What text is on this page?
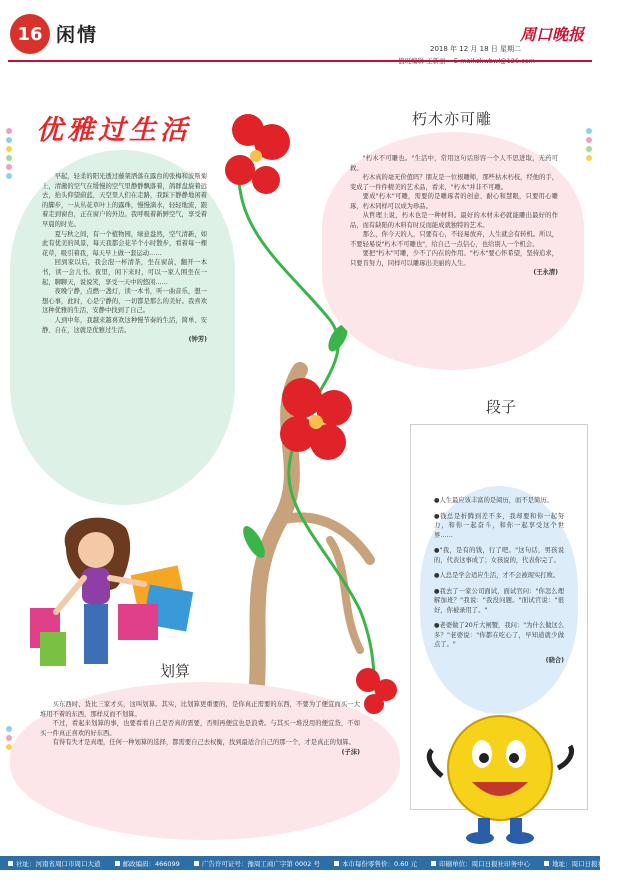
16 闲情	周口晚报
2018 年 12 月 18 日 星期二

优雅过生活

早起，轻柔的阳光透过藤架洒落在露台的张梅和波斯菊上，清澈的空气在缓慢的空气里静静飘落着，鸽群盘旋着远去，抬头仰望蔚蓝，天空里人们在走路，我踩下静静地闲着的脚步，一从丛花草叶上的露珠，慢慢滴水，轻轻地流，跟着走到窗台，正在窗户的外边。我呼吸着新鲜空气，享受着早晨的时光。

夏与秋之间，有一个植物园，绿意盎然，空气清新，如此有优美的风景，每天我都会花半个小时散步，看着每一棵花草，吸引着我，每天早上做一套运动……

回到家以后，我会泡一杯清茶，坐在窗前，翻开一本书，读一会儿书。夜里，闲下来时，可以一家人围坐在一起，聊聊天，说说笑，享受一天中的悠闲……

夜晚宁静，点燃一盏灯，读一本书，听一曲音乐，想一想心事，此时，心是宁静的，一切都是那么的美好。我喜欢这种优雅的生活，安静中找到了自己。

人到中年，我越来越喜欢这种慢节奏的生活，简单、安静、自在，这就是优雅过生活。

(钟芳)
朽木亦可雕

"朽木不可雕也。"生活中，常用这句话形容一个人不思进取，无药可救。

朽木真的毫无价值吗？朋友是一位根雕师，那些枯木朽枝，经他的手，变成了一件件精美的艺术品，看来，"朽木"并非不可雕。

要成"朽木"可雕，需要的是雕琢者的创意、耐心和慧眼，只要用心雕琢，朽木同样可以成为珍品。

从哲理上说，朽木也是一种材料。最好的木材未必就能雕出最好的作品，而有缺陷的木料有时反而能成就独特的艺术。

那么，你今天的人，只要有心，不轻易放弃，人生就会有转机。所以，不要轻易说"朽木不可雕也"，给自己一点信心，也给别人一个机会。

要把"朽木"可雕，少不了内在的作用。"朽木"要心怀希望，坚持追求，只要肯努力，同样可以雕琢出美丽的人生。

(王永清)
段子

●人生最应该丰富的是阅历，而不是简历。

●钱总是折腾到差不多，我却要和你一起努力，和你一起奋斗，和你一起享受这个世界……

●"我，是有的钱，行了吧。"这句话，男孩说的，代表这事成了；女孩说的，代表你完了。

●人总是学会适应生活，才不会被现实打败。

●我去了一家公司面试，面试官问："你怎么理解加班？"我说："我没问题。"面试官说："很好，你被录用了。"

●老婆做了20斤大闸蟹，我问："为什么做这么多？"老婆说："你都在吃心了，早知道就少做点了。"

(晓合)
划算

买东西时，货比三家才买，这叫划算。其实，比划算更重要的，是你真正需要的东西，不要为了便宜而买一大堆用不着的东西，那样反而不划算。

不过，看起来划算的事，也要看看自己是否真的需要，否则再便宜也是浪费。与其买一堆没用的便宜货，不如买一件真正喜欢的好东西。

有得有失才是真理，任何一种划算的选择，都需要自己去权衡，找到最适合自己的那一个，才是真正的划算。

(子沫)
社址：河南省周口市周口大道	邮政编码：466099	广告许可证号：豫周工商广字第 0002 号	本市每份零售价：0.60 元	印刷单位：周口日报社印务中心	地址：周口日报社院内
